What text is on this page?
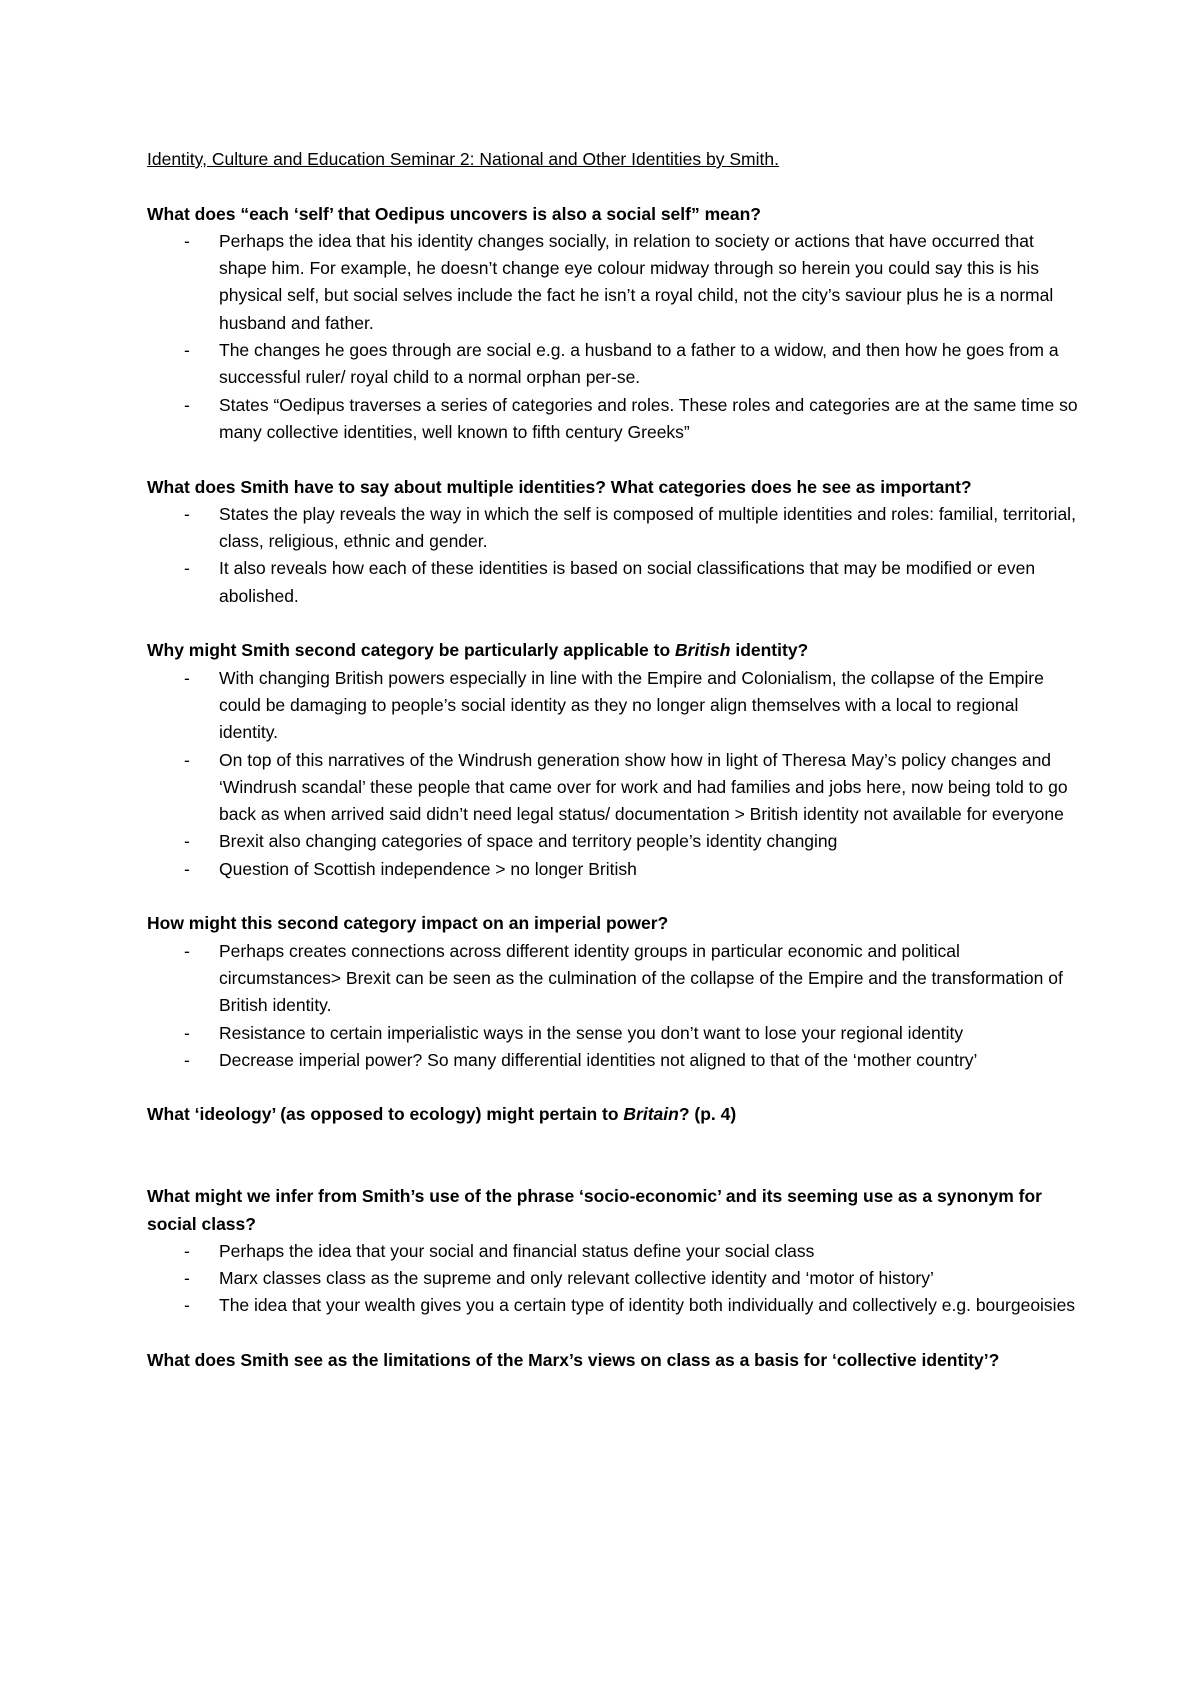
Identity, Culture and Education Seminar 2: National and Other Identities by Smith.

What does “each ‘self’ that Oedipus uncovers is also a social self” mean?

- Perhaps the idea that his identity changes socially, in relation to society or actions that have occurred that shape him. For example, he doesn’t change eye colour midway through so herein you could say this is his physical self, but social selves include the fact he isn’t a royal child, not the city’s saviour plus he is a normal husband and father.
- The changes he goes through are social e.g. a husband to a father to a widow, and then how he goes from a successful ruler/ royal child to a normal orphan per-se.
- States “Oedipus traverses a series of categories and roles. These roles and categories are at the same time so many collective identities, well known to fifth century Greeks”

What does Smith have to say about multiple identities? What categories does he see as important?

- States the play reveals the way in which the self is composed of multiple identities and roles: familial, territorial, class, religious, ethnic and gender.
- It also reveals how each of these identities is based on social classifications that may be modified or even abolished.

Why might Smith second category be particularly applicable to British identity?

- With changing British powers especially in line with the Empire and Colonialism, the collapse of the Empire could be damaging to people’s social identity as they no longer align themselves with a local to regional identity.
- On top of this narratives of the Windrush generation show how in light of Theresa May’s policy changes and ‘Windrush scandal’ these people that came over for work and had families and jobs here, now being told to go back as when arrived said didn’t need legal status/ documentation > British identity not available for everyone
- Brexit also changing categories of space and territory people’s identity changing
- Question of Scottish independence > no longer British

How might this second category impact on an imperial power?

- Perhaps creates connections across different identity groups in particular economic and political circumstances> Brexit can be seen as the culmination of the collapse of the Empire and the transformation of British identity.
- Resistance to certain imperialistic ways in the sense you don’t want to lose your regional identity
- Decrease imperial power? So many differential identities not aligned to that of the ‘mother country’

What ‘ideology’ (as opposed to ecology) might pertain to Britain? (p. 4)

What might we infer from Smith’s use of the phrase ‘socio-economic’ and its seeming use as a synonym for social class?

- Perhaps the idea that your social and financial status define your social class
- Marx classes class as the supreme and only relevant collective identity and ‘motor of history’
- The idea that your wealth gives you a certain type of identity both individually and collectively e.g. bourgeoisies

What does Smith see as the limitations of the Marx’s views on class as a basis for ‘collective identity’?
